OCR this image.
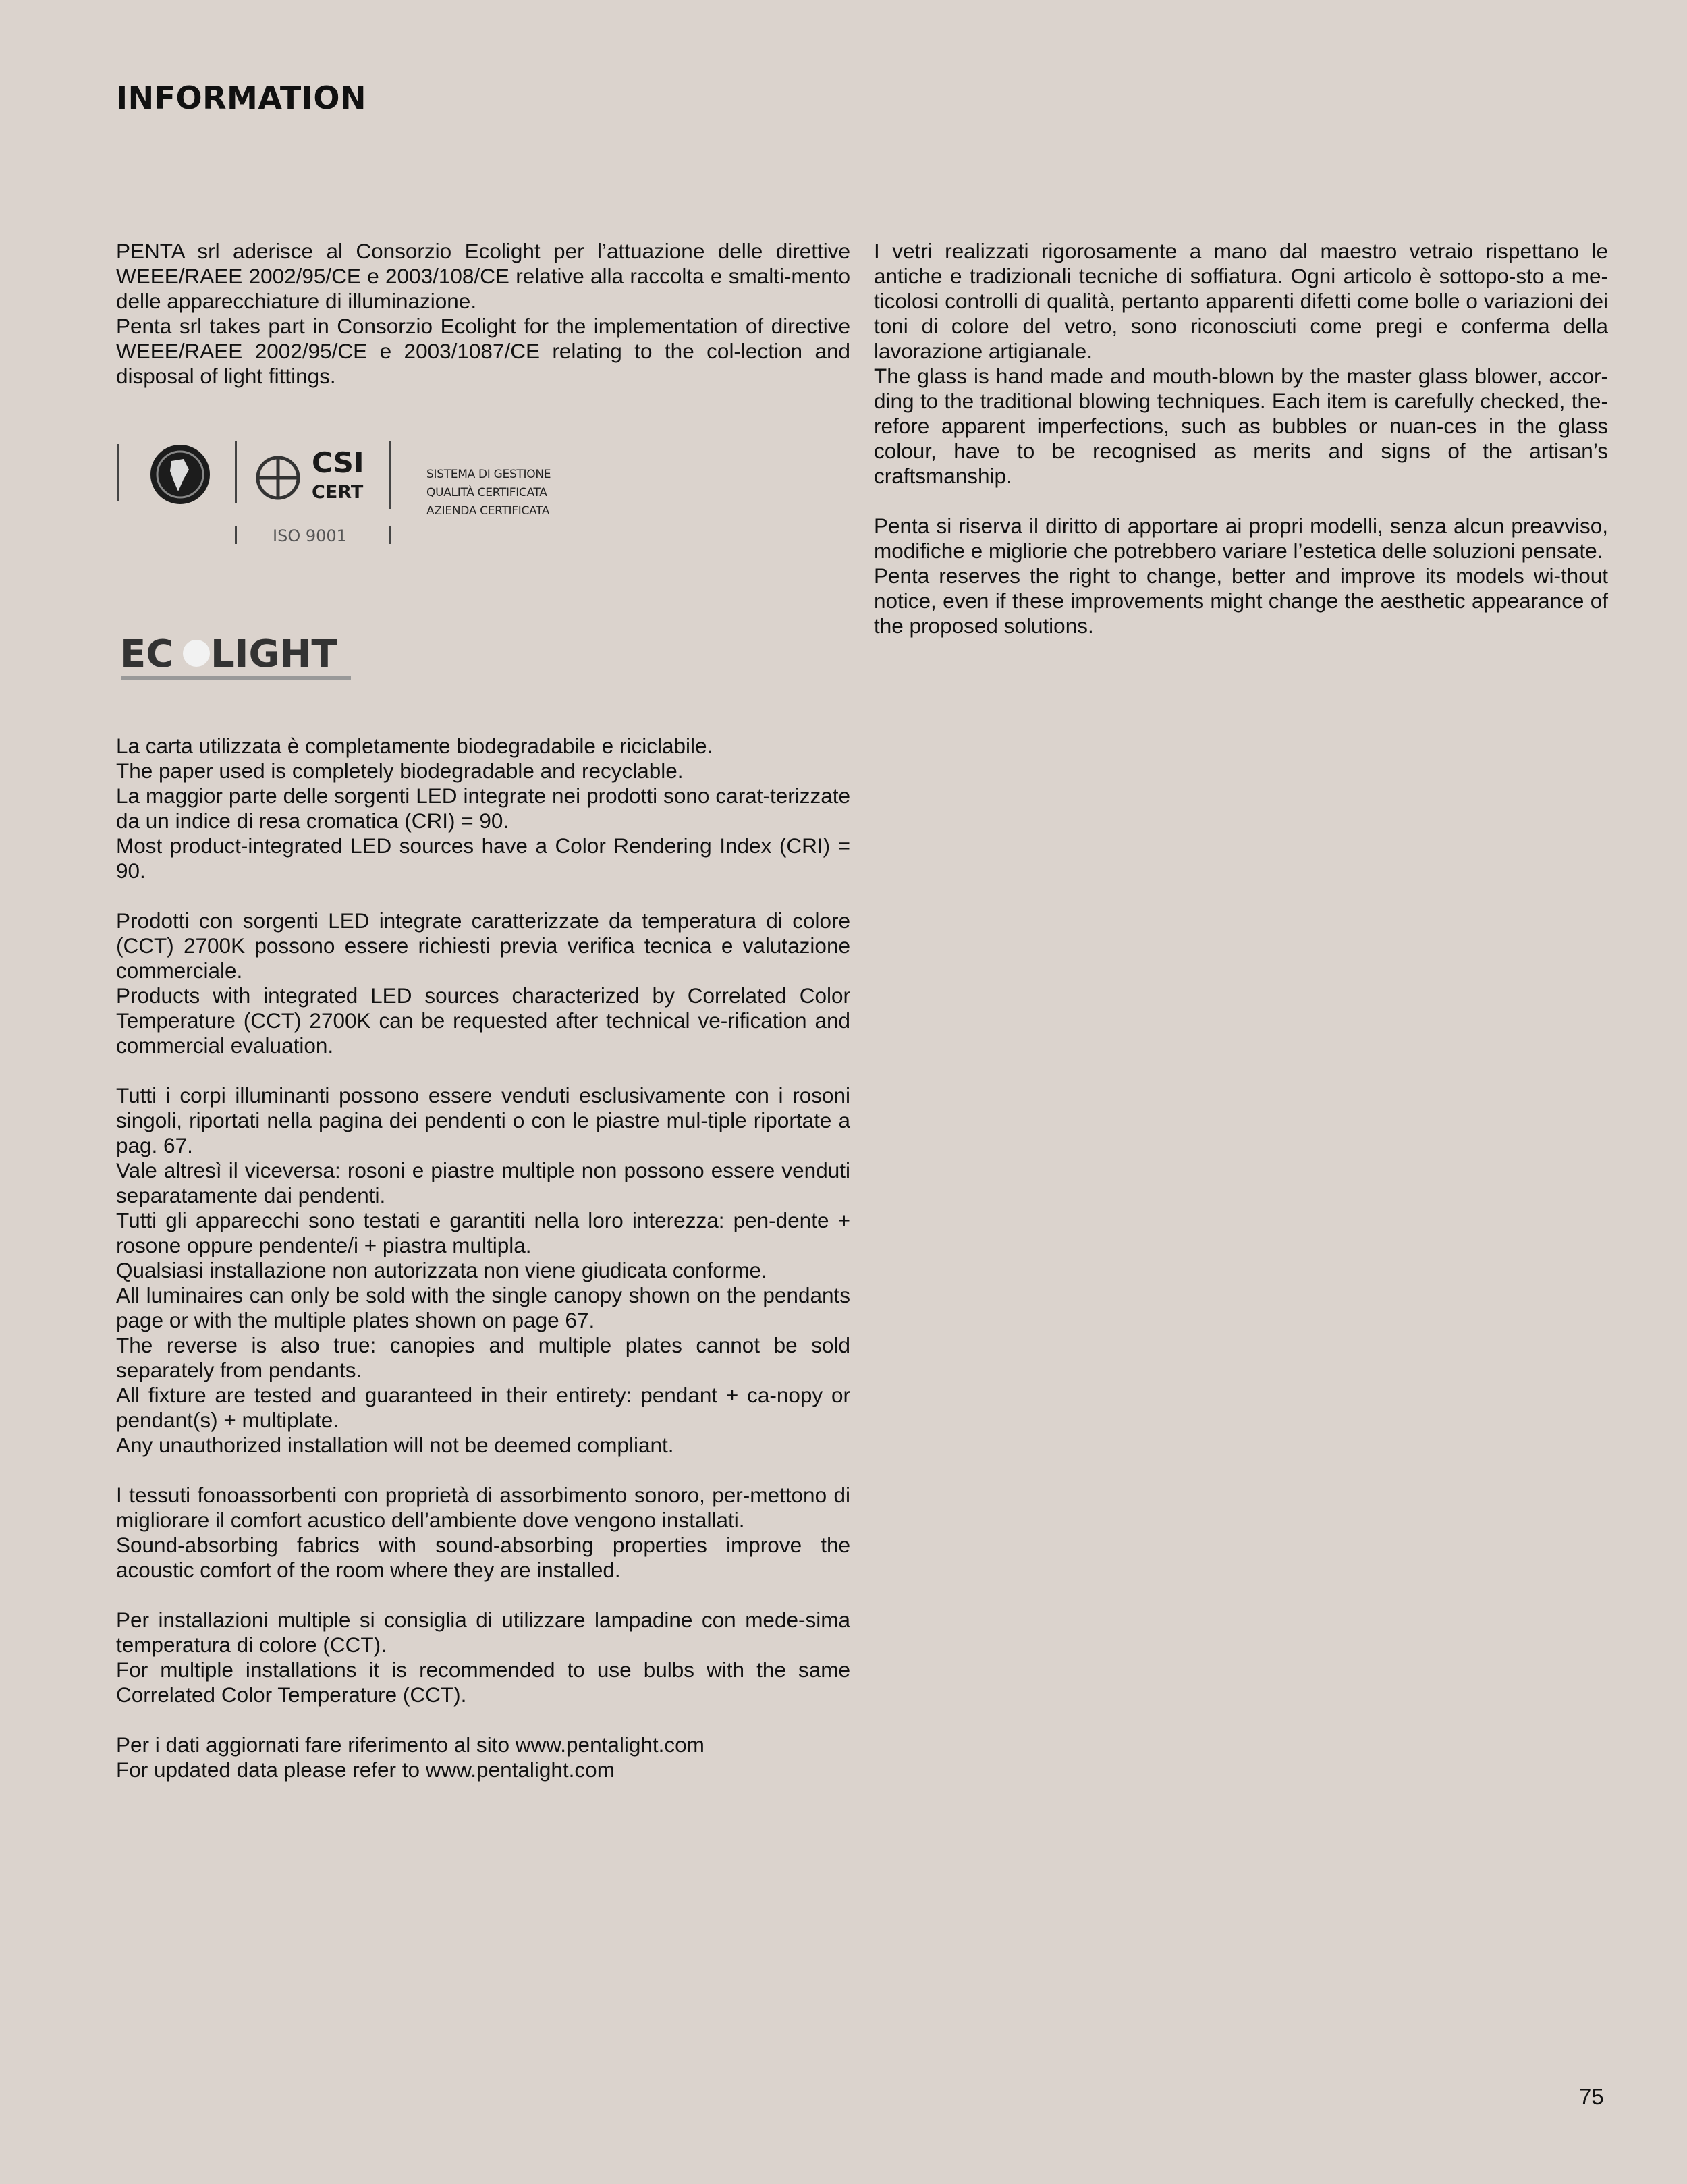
INFORMATION

PENTA srl aderisce al Consorzio Ecolight per l’attuazione delle direttive WEEE/RAEE 2002/95/CE e 2003/108/CE relative alla raccolta e smalti-mento delle apparecchiature di illuminazione.

Penta srl takes part in Consorzio Ecolight for the implementation of directive WEEE/RAEE 2002/95/CE e 2003/1087/CE relating to the col-lection and disposal of light fittings.

CSI
CERT
ISO 9001
SISTEMA DI GESTIONE
QUALITÀ CERTIFICATA
AZIENDA CERTIFICATA
EC LIGHT

I vetri realizzati rigorosamente a mano dal maestro vetraio rispettano le antiche e tradizionali tecniche di soffiatura. Ogni articolo è sottopo-sto a me-ticolosi controlli di qualità, pertanto apparenti difetti come bolle o variazioni dei toni di colore del vetro, sono riconosciuti come pregi e conferma della lavorazione artigianale.

The glass is hand made and mouth-blown by the master glass blower, accor-ding to the traditional blowing techniques. Each item is carefully checked, the-refore apparent imperfections, such as bubbles or nuan-ces in the glass colour, have to be recognised as merits and signs of the artisan’s craftsmanship.

Penta si riserva il diritto di apportare ai propri modelli, senza alcun preavviso, modifiche e migliorie che potrebbero variare l’estetica delle soluzioni pensate.

Penta reserves the right to change, better and improve its models wi-thout notice, even if these improvements might change the aesthetic appearance of the proposed solutions.

La carta utilizzata è completamente biodegradabile e riciclabile.

The paper used is completely biodegradable and recyclable.

La maggior parte delle sorgenti LED integrate nei prodotti sono carat-terizzate da un indice di resa cromatica (CRI) = 90.

Most product-integrated LED sources have a Color Rendering Index (CRI) = 90.

Prodotti con sorgenti LED integrate caratterizzate da temperatura di colore (CCT) 2700K possono essere richiesti previa verifica tecnica e valutazione commerciale.

Products with integrated LED sources characterized by Correlated Color Temperature (CCT) 2700K can be requested after technical ve-rification and commercial evaluation.

Tutti i corpi illuminanti possono essere venduti esclusivamente con i rosoni singoli, riportati nella pagina dei pendenti o con le piastre mul-tiple riportate a pag. 67.

Vale altresì il viceversa: rosoni e piastre multiple non possono essere venduti separatamente dai pendenti.

Tutti gli apparecchi sono testati e garantiti nella loro interezza: pen-dente + rosone oppure pendente/i + piastra multipla.

Qualsiasi installazione non autorizzata non viene giudicata conforme.

All luminaires can only be sold with the single canopy shown on the pendants page or with the multiple plates shown on page 67.

The reverse is also true: canopies and multiple plates cannot be sold separately from pendants.

All fixture are tested and guaranteed in their entirety: pendant + ca-nopy or pendant(s) + multiplate.

Any unauthorized installation will not be deemed compliant.

I tessuti fonoassorbenti con proprietà di assorbimento sonoro, per-mettono di migliorare il comfort acustico dell’ambiente dove vengono installati.

Sound-absorbing fabrics with sound-absorbing properties improve the acoustic comfort of the room where they are installed.

Per installazioni multiple si consiglia di utilizzare lampadine con mede-sima temperatura di colore (CCT).

For multiple installations it is recommended to use bulbs with the same Correlated Color Temperature (CCT).

Per i dati aggiornati fare riferimento al sito www.pentalight.com

For updated data please refer to www.pentalight.com

75
